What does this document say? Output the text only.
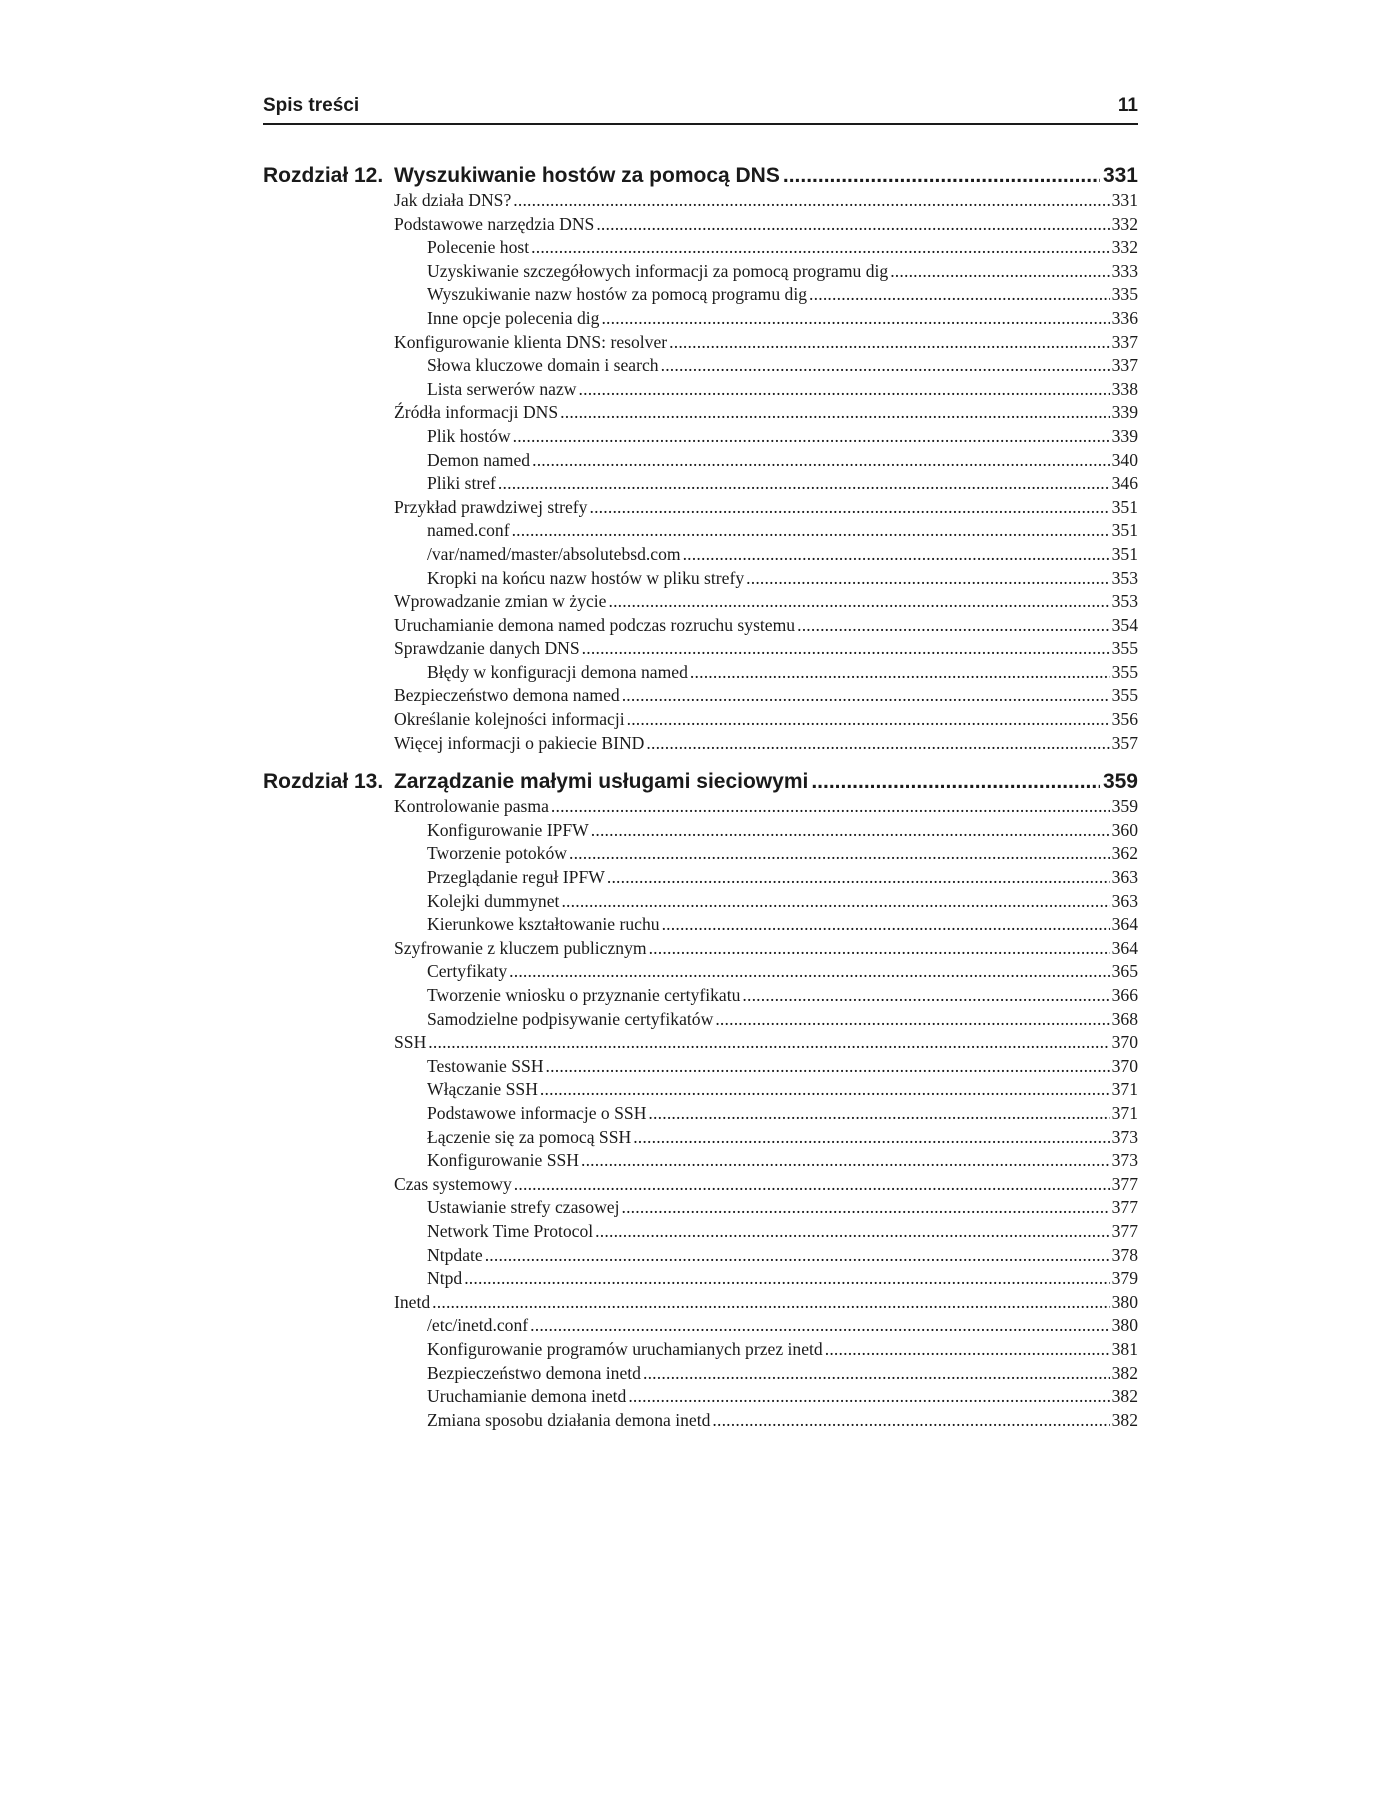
Spis treści	11
Rozdział 12. Wyszukiwanie hostów za pomocą DNS .....	331
Jak działa DNS? .....	331
Podstawowe narzędzia DNS .....	332
Polecenie host .....	332
Uzyskiwanie szczegółowych informacji za pomocą programu dig .....	333
Wyszukiwanie nazw hostów za pomocą programu dig .....	335
Inne opcje polecenia dig .....	336
Konfigurowanie klienta DNS: resolver .....	337
Słowa kluczowe domain i search .....	337
Lista serwerów nazw .....	338
Źródła informacji DNS .....	339
Plik hostów .....	339
Demon named .....	340
Pliki stref .....	346
Przykład prawdziwej strefy .....	351
named.conf .....	351
/var/named/master/absolutebsd.com .....	351
Kropki na końcu nazw hostów w pliku strefy .....	353
Wprowadzanie zmian w życie .....	353
Uruchamianie demona named podczas rozruchu systemu .....	354
Sprawdzanie danych DNS .....	355
Błędy w konfiguracji demona named .....	355
Bezpieczeństwo demona named .....	355
Określanie kolejności informacji .....	356
Więcej informacji o pakiecie BIND .....	357
Rozdział 13. Zarządzanie małymi usługami sieciowymi .....	359
Kontrolowanie pasma .....	359
Konfigurowanie IPFW .....	360
Tworzenie potoków .....	362
Przeglądanie reguł IPFW .....	363
Kolejki dummynet .....	363
Kierunkowe kształtowanie ruchu .....	364
Szyfrowanie z kluczem publicznym .....	364
Certyfikaty .....	365
Tworzenie wniosku o przyznanie certyfikatu .....	366
Samodzielne podpisywanie certyfikatów .....	368
SSH .....	370
Testowanie SSH .....	370
Włączanie SSH .....	371
Podstawowe informacje o SSH .....	371
Łączenie się za pomocą SSH .....	373
Konfigurowanie SSH .....	373
Czas systemowy .....	377
Ustawianie strefy czasowej .....	377
Network Time Protocol .....	377
Ntpdate .....	378
Ntpd .....	379
Inetd .....	380
/etc/inetd.conf .....	380
Konfigurowanie programów uruchamianych przez inetd .....	381
Bezpieczeństwo demona inetd .....	382
Uruchamianie demona inetd .....	382
Zmiana sposobu działania demona inetd .....	382
